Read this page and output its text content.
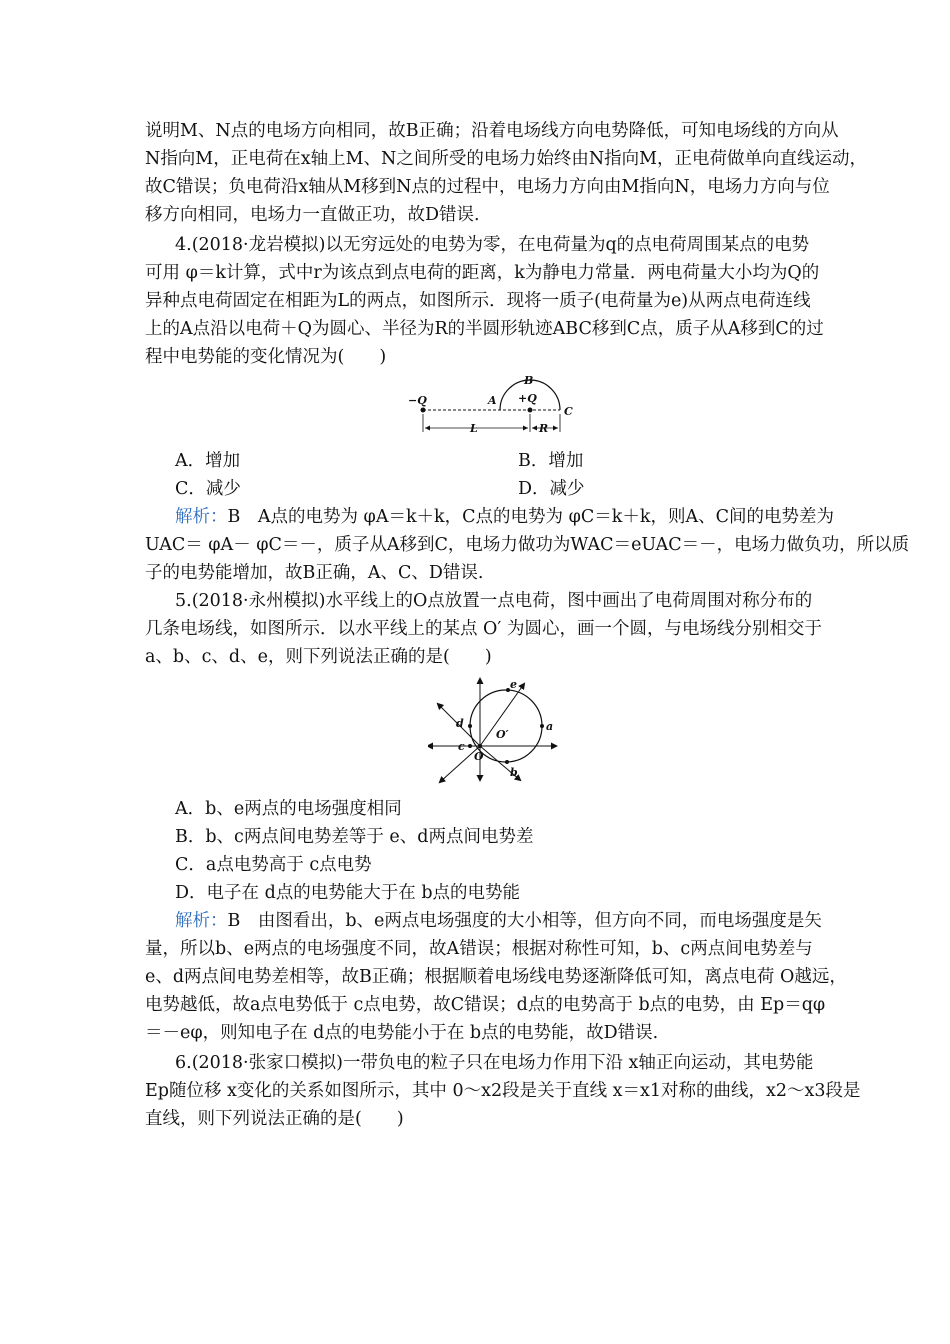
说明M、N点的电场方向相同，故B正确；沿着电场线方向电势降低，可知电场线的方向从
N指向M，正电荷在x轴上M、N之间所受的电场力始终由N指向M，正电荷做单向直线运动，
故C错误；负电荷沿x轴从M移到N点的过程中，电场力方向由M指向N，电场力方向与位
移方向相同，电场力一直做正功，故D错误.
4.(2018·龙岩模拟)以无穷远处的电势为零，在电荷量为q的点电荷周围某点的电势
可用 φ＝k计算，式中r为该点到点电荷的距离，k为静电力常量．两电荷量大小均为Q的
异种点电荷固定在相距为L的两点，如图所示．现将一质子(电荷量为e)从两点电荷连线
上的A点沿以电荷＋Q为圆心、半径为R的半圆形轨迹ABC移到C点，质子从A移到C的过
程中电势能的变化情况为(　　)
−Q	A
B
+Q
C
L	R
A．增加	B．增加
C．减少	D．减少
解析：B　A点的电势为 φA＝k＋k，C点的电势为 φC＝k＋k，则A、C间的电势差为
UAC＝ φA－ φC＝－，质子从A移到C，电场力做功为WAC＝eUAC＝－，电场力做负功，所以质
子的电势能增加，故B正确，A、C、D错误.
5.(2018·永州模拟)水平线上的O点放置一点电荷，图中画出了电荷周围对称分布的
几条电场线，如图所示．以水平线上的某点 O′ 为圆心，画一个圆，与电场线分别相交于
a、b、c、d、e，则下列说法正确的是(　　)
a
b
c
d
e
O
O′
A．b、e两点的电场强度相同
B．b、c两点间电势差等于 e、d两点间电势差
C．a点电势高于 c点电势
D．电子在 d点的电势能大于在 b点的电势能
解析：B　由图看出，b、e两点电场强度的大小相等，但方向不同，而电场强度是矢
量，所以b、e两点的电场强度不同，故A错误；根据对称性可知，b、c两点间电势差与
e、d两点间电势差相等，故B正确；根据顺着电场线电势逐渐降低可知，离点电荷 O越远，
电势越低，故a点电势低于 c点电势，故C错误；d点的电势高于 b点的电势，由 Ep＝qφ
＝－eφ，则知电子在 d点的电势能小于在 b点的电势能，故D错误.
6.(2018·张家口模拟)一带负电的粒子只在电场力作用下沿 x轴正向运动，其电势能
Ep随位移 x变化的关系如图所示，其中 0～x2段是关于直线 x＝x1对称的曲线，x2～x3段是
直线，则下列说法正确的是(　　)
